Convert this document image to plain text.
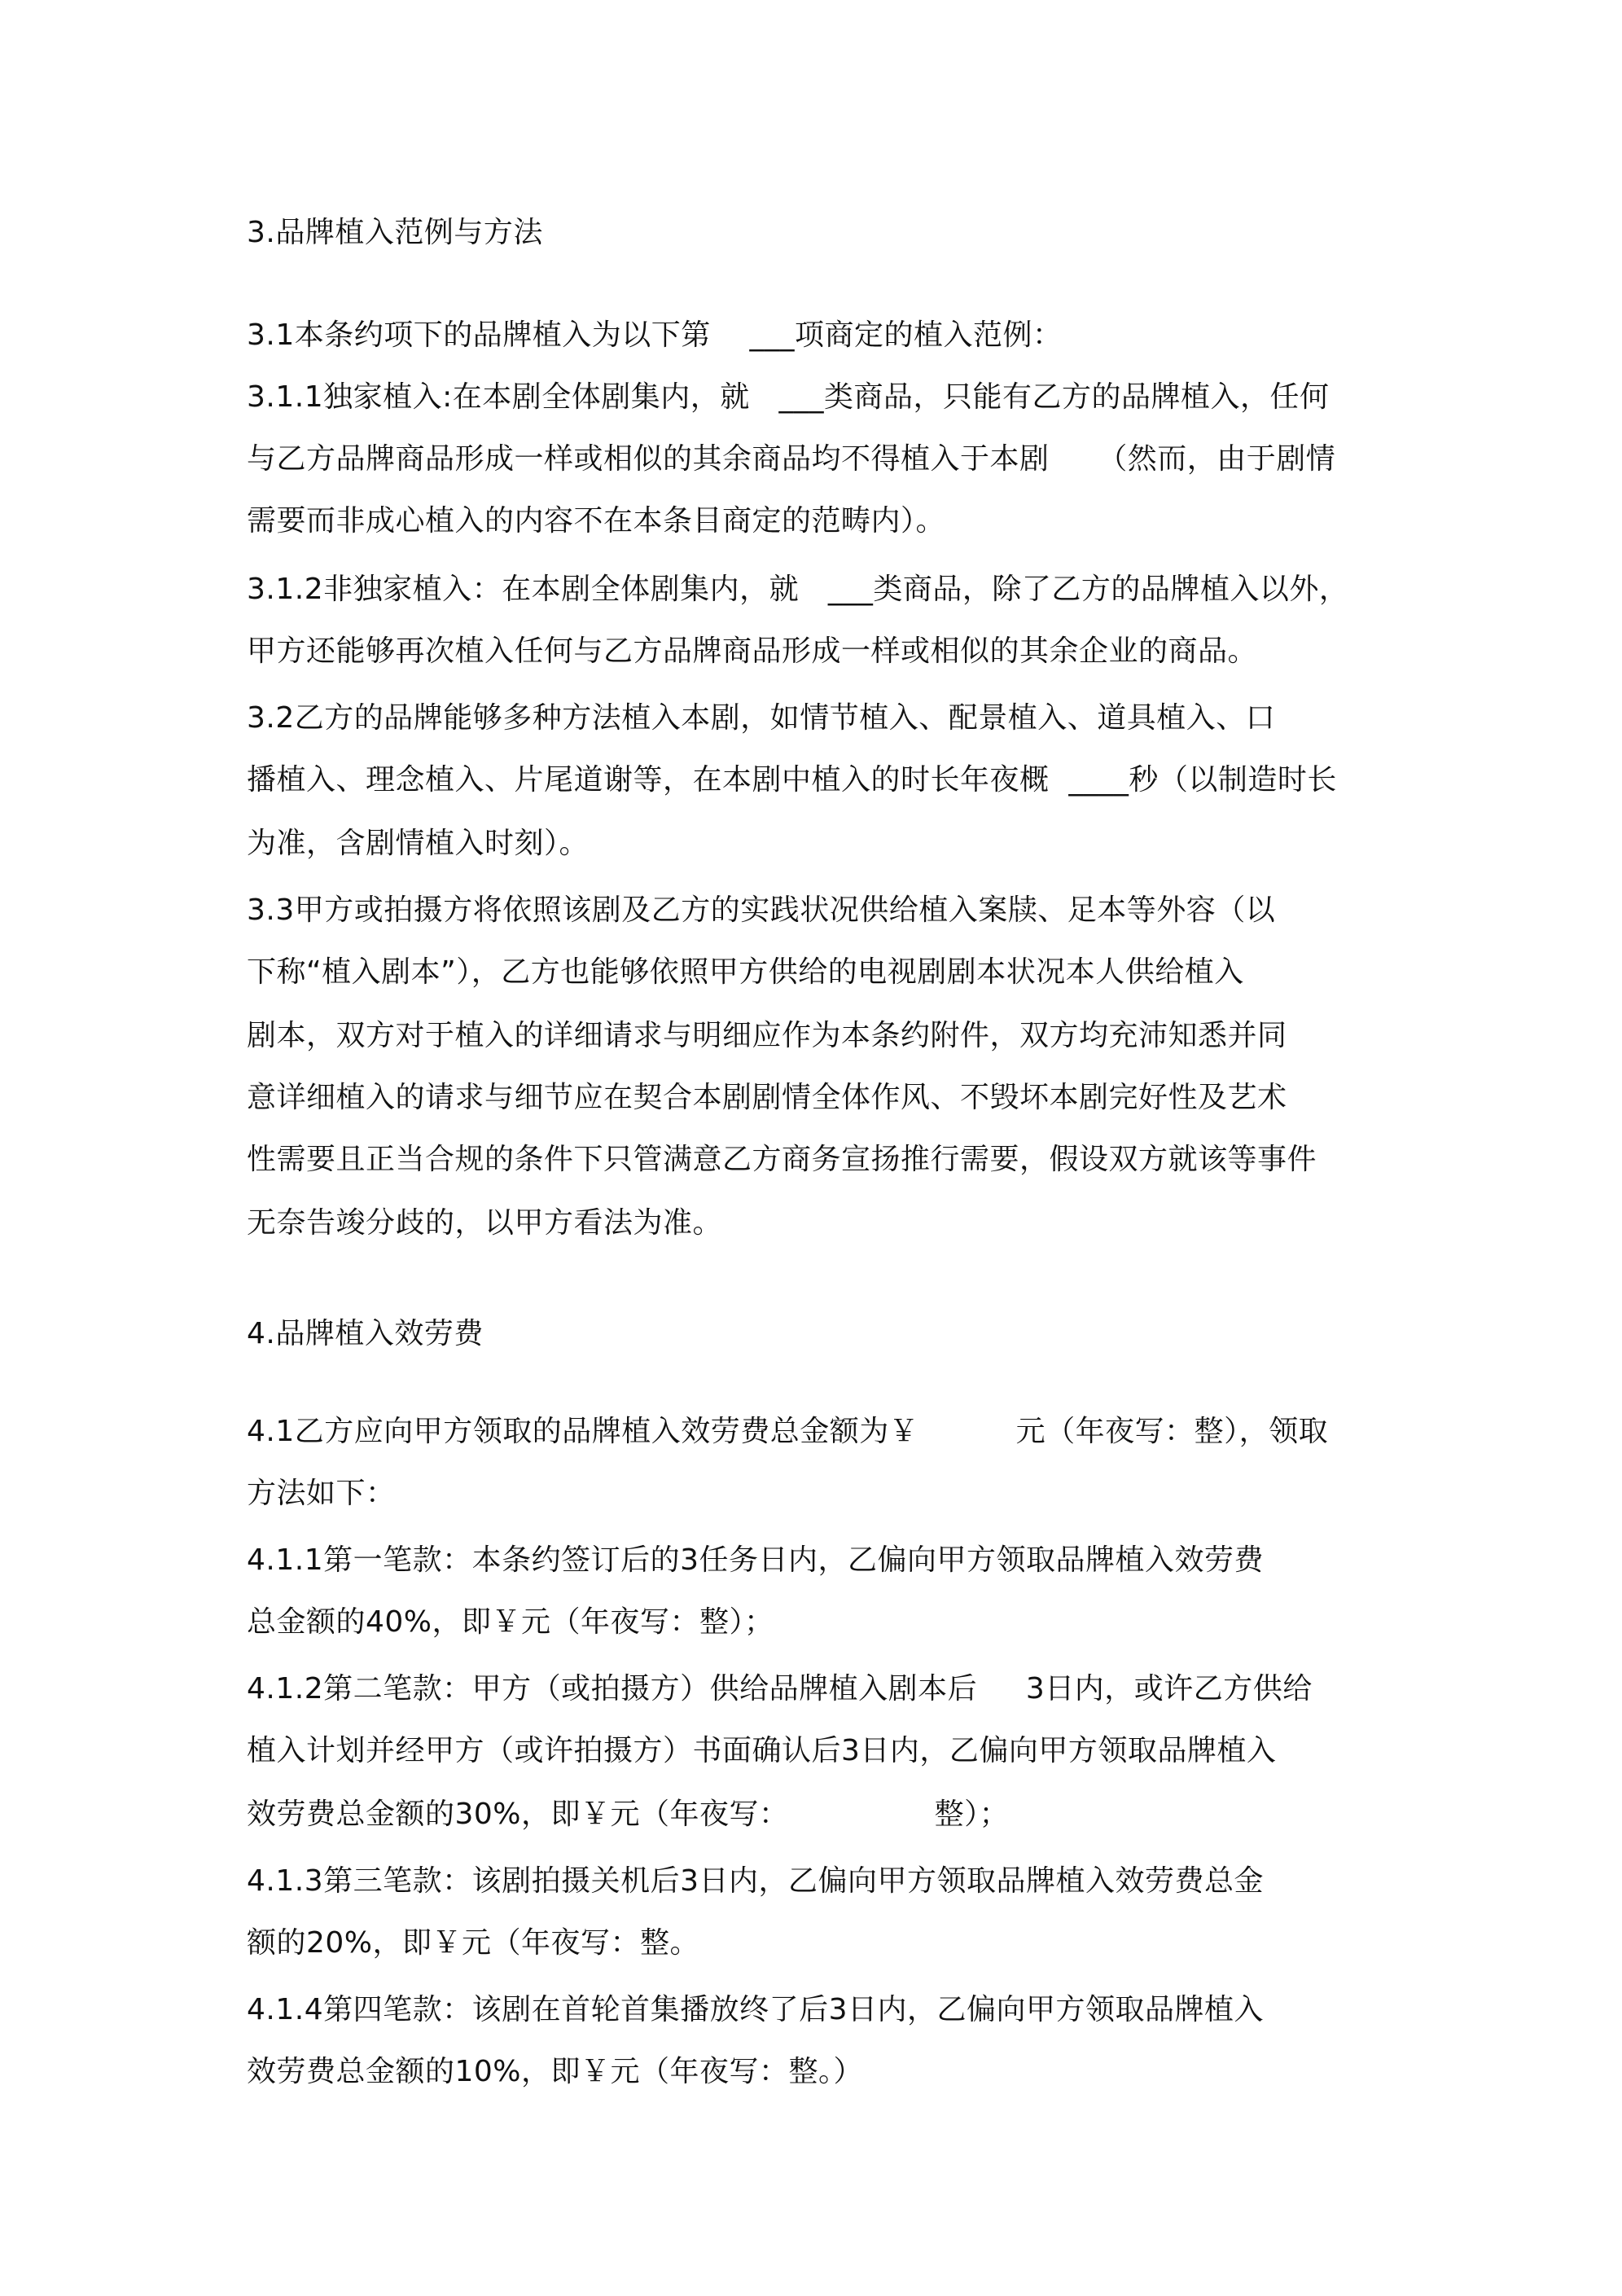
3.品牌植入范例与方法
3.1本条约项下的品牌植入为以下第    ___项商定的植入范例：
3.1.1独家植入:在本剧全体剧集内，就   ___类商品，只能有乙方的品牌植入，任何
与乙方品牌商品形成一样或相似的其余商品均不得植入于本剧     （然而，由于剧情
需要而非成心植入的内容不在本条目商定的范畴内）。
3.1.2非独家植入：在本剧全体剧集内，就   ___类商品，除了乙方的品牌植入以外，
甲方还能够再次植入任何与乙方品牌商品形成一样或相似的其余企业的商品。
3.2乙方的品牌能够多种方法植入本剧，如情节植入、配景植入、道具植入、口
播植入、理念植入、片尾道谢等，在本剧中植入的时长年夜概  ____秒（以制造时长
为准，含剧情植入时刻）。
3.3甲方或拍摄方将依照该剧及乙方的实践状况供给植入案牍、足本等外容（以
下称“植入剧本”），乙方也能够依照甲方供给的电视剧剧本状况本人供给植入
剧本，双方对于植入的详细请求与明细应作为本条约附件，双方均充沛知悉并同
意详细植入的请求与细节应在契合本剧剧情全体作风、不毁坏本剧完好性及艺术
性需要且正当合规的条件下只管满意乙方商务宣扬推行需要，假设双方就该等事件
无奈告竣分歧的，以甲方看法为准。
4.品牌植入效劳费
4.1乙方应向甲方领取的品牌植入效劳费总金额为￥          元（年夜写：整），领取
方法如下：
4.1.1第一笔款：本条约签订后的3任务日内，乙偏向甲方领取品牌植入效劳费
总金额的40%，即￥元（年夜写：整）；
4.1.2第二笔款：甲方（或拍摄方）供给品牌植入剧本后     3日内，或许乙方供给
植入计划并经甲方（或许拍摄方）书面确认后3日内，乙偏向甲方领取品牌植入
效劳费总金额的30%，即￥元（年夜写：               整）；
4.1.3第三笔款：该剧拍摄关机后3日内，乙偏向甲方领取品牌植入效劳费总金
额的20%，即￥元（年夜写：整。
4.1.4第四笔款：该剧在首轮首集播放终了后3日内，乙偏向甲方领取品牌植入
效劳费总金额的10%，即￥元（年夜写：整。）
